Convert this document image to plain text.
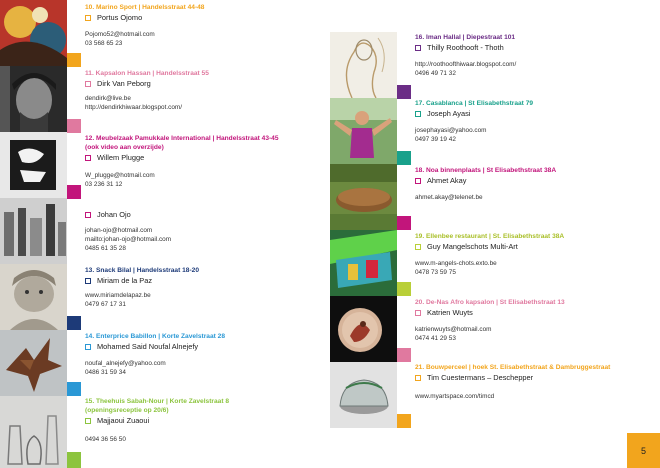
10. Marino Sport | Handelsstraat 44-48
Portus Ojomo
Pojomo52@hotmail.com
03 568 65 23
11. Kapsalon Hassan | Handelsstraat 55
Dirk Van Peborg
dendirk@live.be
http://dendirkhiwaar.blogspot.com/
12. Meubelzaak Pamukkale International | Handelsstraat 43-45
(ook video aan overzijde)
Willem Plugge
W_plugge@hotmail.com
03 236 31 12
Johan Ojo
johan-ojo@hotmail.com
mailto:johan-ojo@hotmail.com
0485 61 35 28
13. Snack Bilal | Handelsstraat 18-20
Miriam de la Paz
www.miriamdelapaz.be
0479 67 17 31
14. Enterprice Babillon | Korte Zavelstraat 28
Mohamed Said Noufal Alnejefy
noufal_alnejefy@yahoo.com
0486 31 59 34
15. Theehuis Sabah-Nour | Korte Zavelstraat 8
(openingsreceptie op 20/6)
Majjaoui Zuaoui
0494 36 56 50
16. Iman Hallal | Diepestraat 101
Thilly Roothooft - Thoth
http://roothoofthiwaar.blogspot.com/
0496 49 71 32
17. Casablanca | St Elisabethstraat 79
Joseph Ayasi
josephayasi@yahoo.com
0497 39 19 42
18. Noa binnenplaats | St Elisabethstraat 38A
Ahmet Akay
ahmet.akay@telenet.be
19. Ellenbee restaurant | St. Elisabethstraat 38A
Guy Mangelschots Multi-Art
www.m-angels-chots.exto.be
0478 73 59 75
20. De-Nas Afro kapsalon | St Elisabethstraat 13
Katrien Wuyts
katrienwuyts@hotmail.com
0474 41 29 53
21. Bouwperceel | hoek St. Elisabethstraat & Dambruggestraat
Tim Cuestermans – Deschepper
www.myartspace.com/timcd
5
